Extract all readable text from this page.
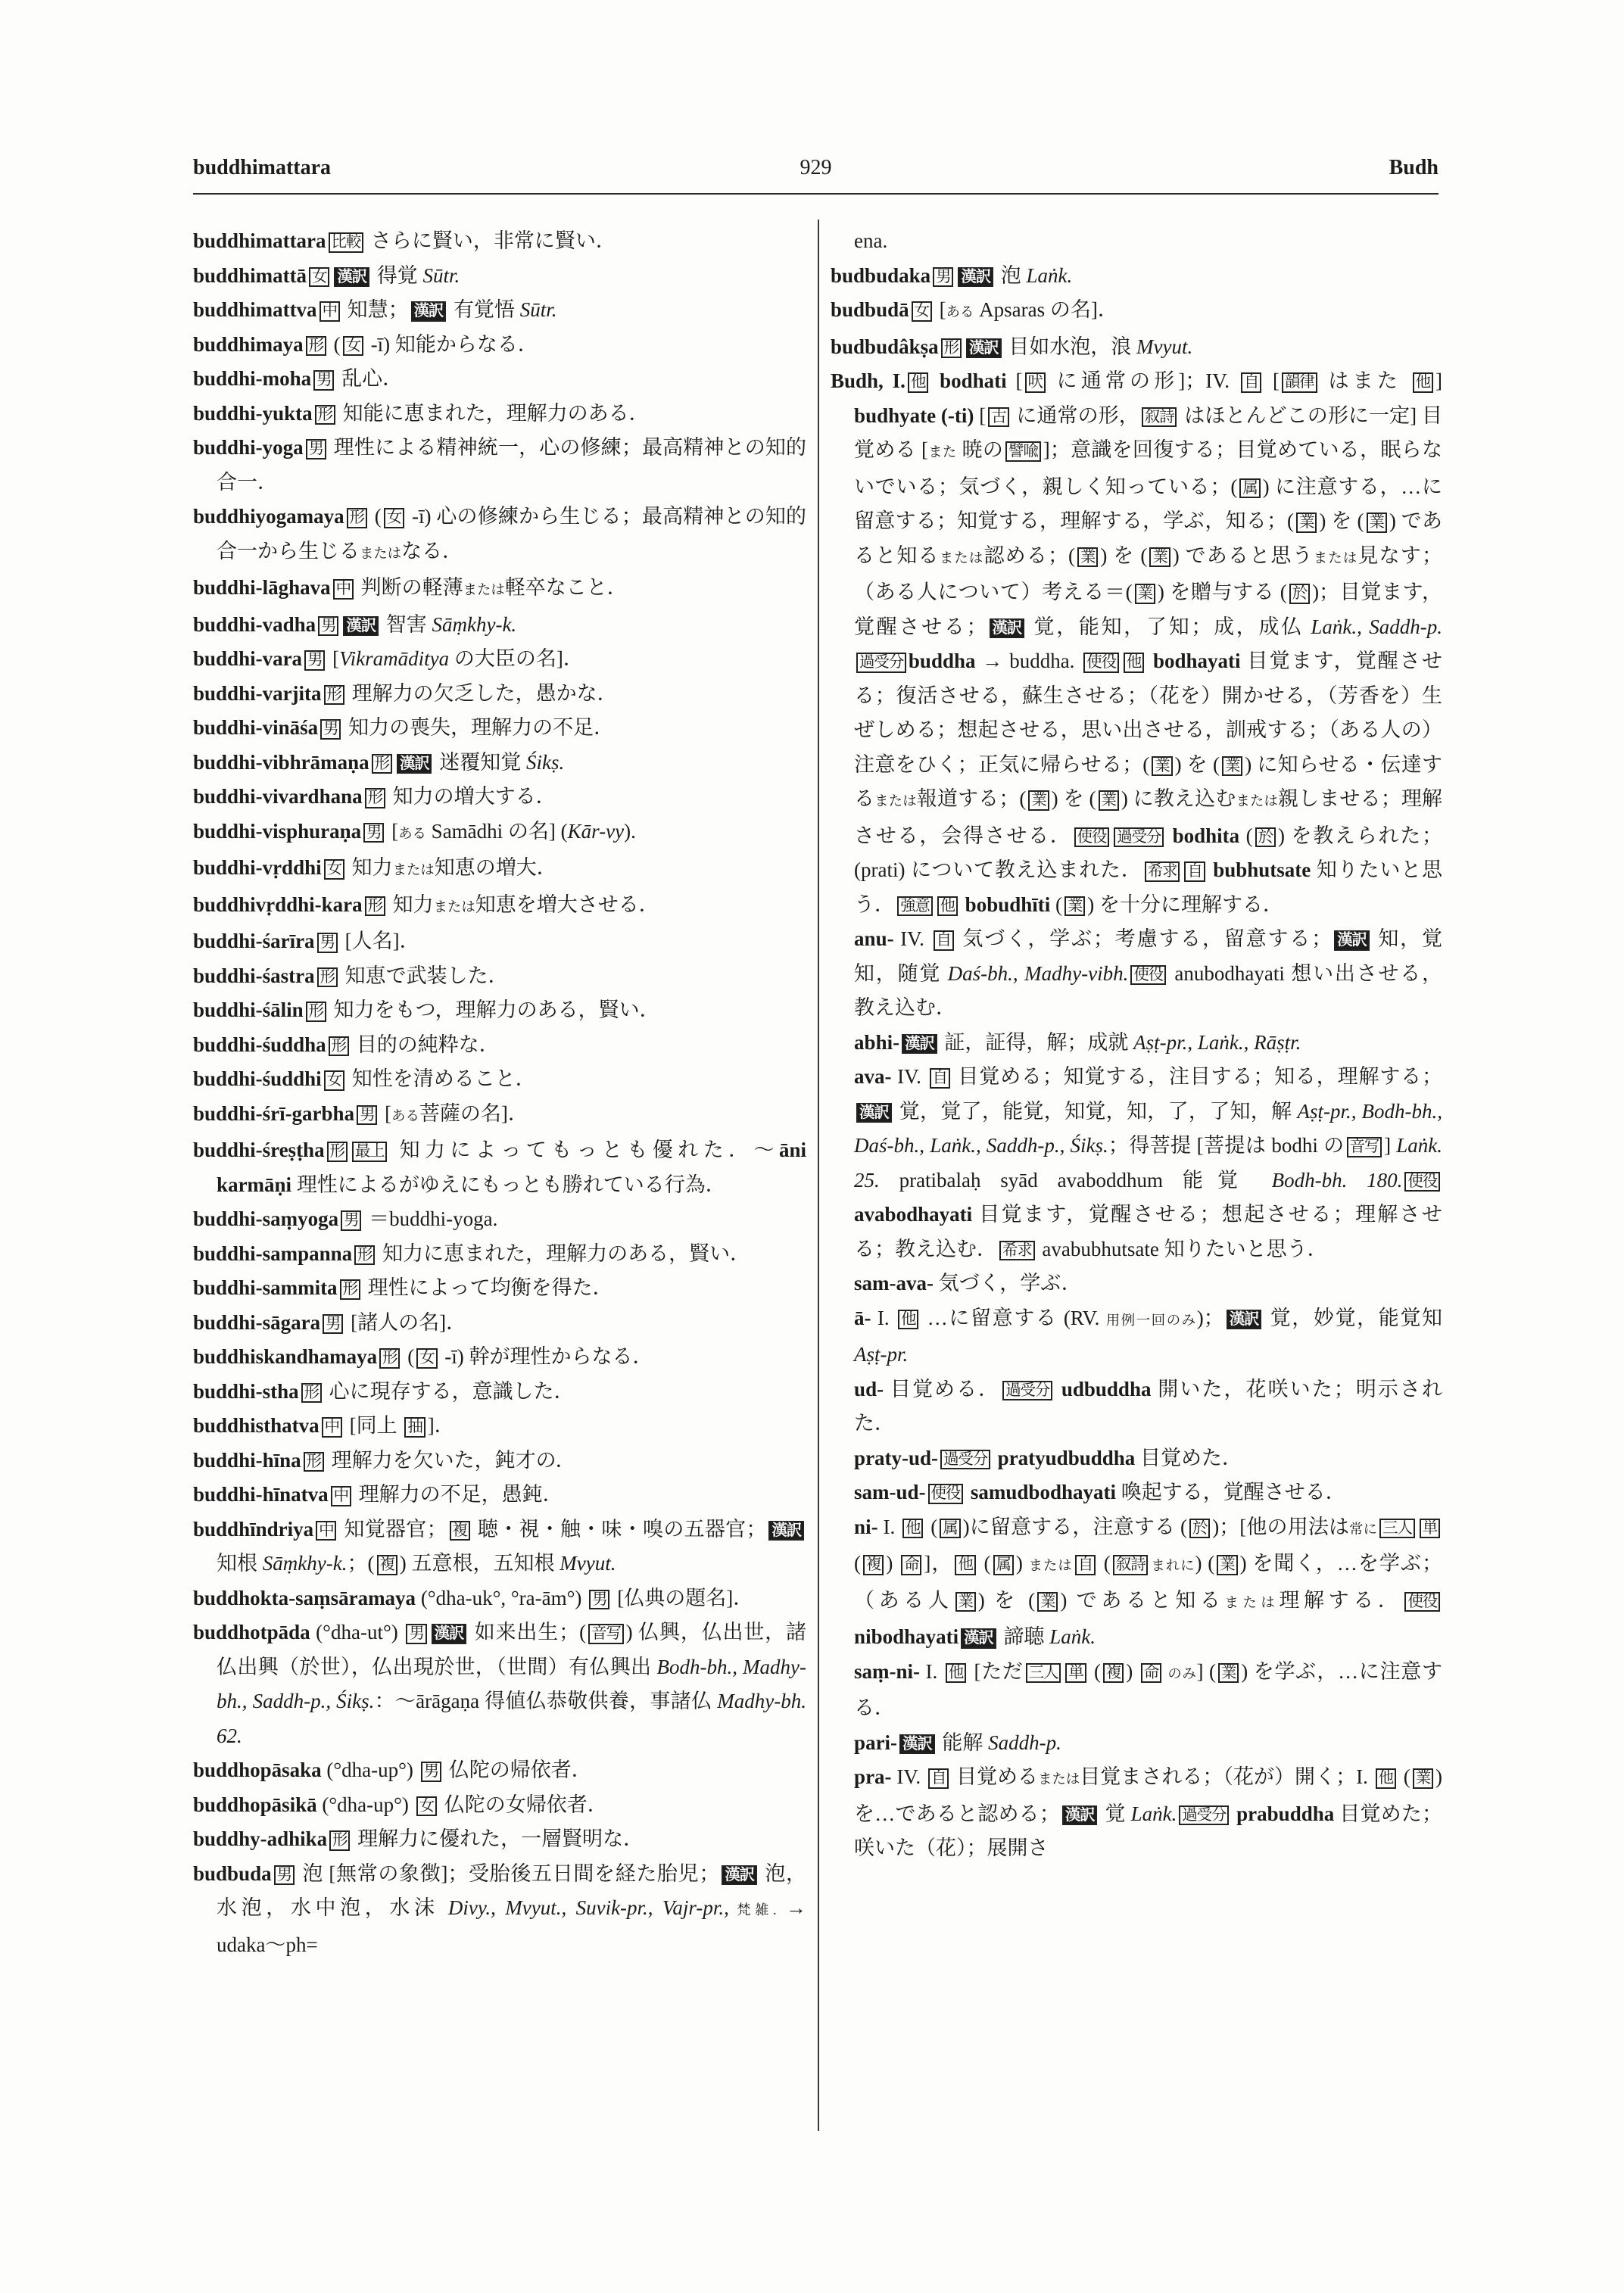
buddhimattara	929	Budh
buddhimattara 比較 さらに賢い，非常に賢い．
buddhimattā 女 漢訳 得覚 Sūtr.
buddhimattva 中 知慧； 漢訳 有覚悟 Sūtr.
buddhimaya 形 ( 女 -ī) 知能からなる．
buddhi-moha 男 乱心．
buddhi-yukta 形 知能に恵まれた，理解力のある．
buddhi-yoga 男 理性による精神統一，心の修練；最高精神との知的合一．
buddhiyogamaya 形 ( 女 -ī) 心の修練から生じる；最高精神との知的合一から生じるまたはなる．
buddhi-lāghava 中 判断の軽薄または軽卒なこと．
buddhi-vadha 男 漢訳 智害 Sāṃkhy-k.
buddhi-vara 男 [Vikramāditya の大臣の名]．
buddhi-varjita 形 理解力の欠乏した，愚かな．
buddhi-vināśa 男 知力の喪失，理解力の不足．
buddhi-vibhrāmaṇa 形 漢訳 迷覆知覚 Śikṣ.
buddhi-vivardhana 形 知力の増大する．
buddhi-visphuraṇa 男 [ある Samādhi の名] (Kār-vy).
buddhi-vṛddhi 女 知力または知恵の増大．
buddhivṛddhi-kara 形 知力または知恵を増大させる．
buddhi-śarīra 男 [人名]．
buddhi-śastra 形 知恵で武装した．
buddhi-śālin 形 知力をもつ，理解力のある，賢い．
buddhi-śuddha 形 目的の純粋な．
buddhi-śuddhi 女 知性を清めること．
buddhi-śrī-garbha 男 [ある菩薩の名]．
buddhi-śreṣṭha 形 最上 知力によってもっとも優れた．〜āni karmāṇi 理性によるがゆえにもっとも勝れている行為．
buddhi-saṃyoga 男 ＝buddhi-yoga.
buddhi-sampanna 形 知力に恵まれた，理解力のある，賢い．
buddhi-sammita 形 理性によって均衡を得た．
buddhi-sāgara 男 [諸人の名]．
buddhiskandhamaya 形 ( 女 -ī) 幹が理性からなる．
buddhi-stha 形 心に現存する，意識した．
buddhisthatva 中 [同上 抽 ]．
buddhi-hīna 形 理解力を欠いた，鈍才の．
buddhi-hīnatva 中 理解力の不足，愚鈍．
buddhīndriya 中 知覚器官； 複 聴・視・触・味・嗅の五器官； 漢訳 知根 Sāṃkhy-k.；( 複 ) 五意根，五知根 Mvyut.
buddhokta-saṃsāramaya (°dha-uk°, °ra-ām°) 男 [仏典の題名]．
buddhotpāda (°dha-ut°) 男 漢訳 如来出生；( 音写 ) 仏興，仏出世，諸仏出興（於世），仏出現於世，（世間）有仏興出 Bodh-bh., Madhy-bh., Saddh-p., Śikṣ.：〜ārāgaṇa 得値仏恭敬供養，事諸仏 Madhy-bh. 62.
buddhopāsaka (°dha-up°) 男 仏陀の帰依者．
buddhopāsikā (°dha-up°) 女 仏陀の女帰依者．
buddhy-adhika 形 理解力に優れた，一層賢明な．
budbuda 男 泡 [無常の象徴]；受胎後五日間を経た胎児； 漢訳 泡，水泡，水中泡，水沫 Divy., Mvyut., Suvik-pr., Vajr-pr., 梵雑. → udaka〜ph=
ena.
budbudaka 男 漢訳 泡 Laṅk.
budbudā 女 [ある Apsaras の名]．
budbudâkṣa 形 漢訳 目如水泡，浪 Mvyut.
Budh, I. 他 bodhati [ 吠 に通常の形]；IV. 自 [ 韻律 はまた 他 ] budhyate (-ti) [ 古 に通常の形， 叙詩 はほとんどこの形に一定] 目覚める [また 暁の 譬喩 ]；意識を回復する；目覚めている，眠らないでいる；気づく，親しく知っている；( 属 ) に注意する，…に留意する；知覚する，理解する，学ぶ，知る；( 業 ) を ( 業 ) であると知るまたは認める；( 業 ) を ( 業 ) であると思うまたは見なす；（ある人について）考える＝( 業 ) を贈与する ( 於 )；目覚ます，覚醒させる； 漢訳 覚，能知，了知；成，成仏 Laṅk., Saddh-p.過受分 buddha → buddha. 使役 他 bodhayati 目覚ます，覚醒させる；復活させる，蘇生させる；（花を）開かせる，（芳香を）生ぜしめる；想起させる，思い出させる，訓戒する；（ある人の）注意をひく；正気に帰らせる；( 業 ) を ( 業 ) に知らせる・伝達するまたは報道する；( 業 ) を ( 業 ) に教え込むまたは親しませる；理解させる，会得させる． 使役 過受分 bodhita ( 於 ) を教えられた；(prati) について教え込まれた． 希求 自 bubhutsate 知りたいと思う． 強意 他 bobudhīti ( 業 ) を十分に理解する．
anu- IV. 自 気づく，学ぶ；考慮する，留意する； 漢訳 知，覚知，随覚 Daś-bh., Madhy-vibh. 使役 anubodhayati 想い出させる，教え込む．
abhi- 漢訳 証，証得，解；成就 Aṣṭ-pr., Laṅk., Rāṣṭr.
ava- IV. 自 目覚める；知覚する，注目する；知る，理解する；漢訳 覚，覚了，能覚，知覚，知，了，了知，解 Aṣṭ-pr., Bodh-bh., Daś-bh., Laṅk., Saddh-p., Śikṣ.；得菩提 [菩提は bodhi の 音写 ] Laṅk. 25. pratibalaḥ syād avaboddhum 能覚 Bodh-bh. 180. 使役 avabodhayati 目覚ます，覚醒させる；想起させる；理解させる；教え込む． 希求 avabubhutsate 知りたいと思う．
sam-ava- 気づく，学ぶ．
ā- I. 他 …に留意する (RV. 用例一回のみ)； 漢訳 覚，妙覚，能覚知 Aṣṭ-pr.
ud- 目覚める． 過受分 udbuddha 開いた，花咲いた；明示された．
praty-ud- 過受分 pratyudbuddha 目覚めた．
sam-ud- 使役 samudbodhayati 喚起する，覚醒させる．
ni- I. 他 ( 属 )に留意する，注意する ( 於 )；[他の用法は常に 三人 単 ( 複 ) 命 ]， 他 ( 属 ) または 自 ( 叙詩 まれに) ( 業 ) を聞く，…を学ぶ；（ある人 業 ) を ( 業 ) であると知るまたは理解する． 使役 nibodhayati 漢訳 諦聴 Laṅk.
saṃ-ni- I. 他 [ただ 三人 単 ( 複 ) 命 のみ] ( 業 ) を学ぶ，…に注意する．
pari- 漢訳 能解 Saddh-p.
pra- IV. 自 目覚めるまたは目覚まされる；（花が）開く；I. 他 ( 業 )を…であると認める； 漢訳 覚 Laṅk. 過受分 prabuddha 目覚めた；咲いた（花）；展開さ
